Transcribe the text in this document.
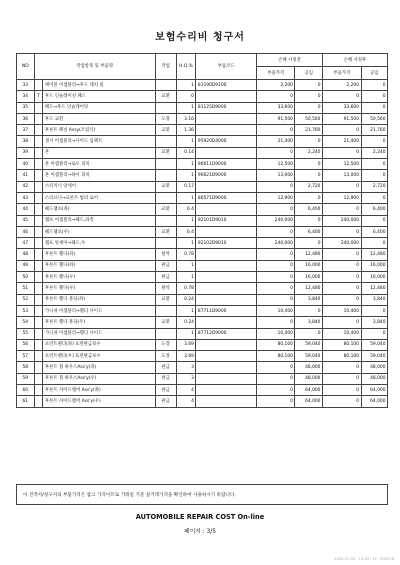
보험수리비 청구서
NO	작업항목 및 부품명		작업	H.Q.%	부품코드	손해 사정전		손해 사정후	
						부품가격	공임	부품가격	공임
33		케이블 어셈블리→후드 래치 릴		1	81190D9100	2,200	0	2,200	0
34	T	후드 인슐레이션 패드	교환	0		0	0	0	0
35		패드→후드 인슐레이팅		1	81125D9000	33,600	0	33,600	0
36		후드 교환	도장	3.16		91,500	50,560	91,500	50,560
37		후론트 패널 Assy(조립식)	교환	1.36		0	21,760	0	21,760
38		센서 어셈블리→사이드 임팩트		1	95920D4000	21,400	0	21,400	0
39		혼	교환	0.14		0	2,240	0	2,240
40		혼 어셈블리→로우 피치		1	96611D9000	12,500	0	12,500	0
41		혼 어셈블리→하이 피치		1	96621D9000	13,000	0	13,000	0
42		스티커너 앗세이	교환	0.17		0	2,720	0	2,720
43		스티프너→프론트 범퍼 로어		1	86571D9000	12,900	0	12,900	0
44		헤드램프(좌)	교환	0.4		0	6,400	0	6,400
45		램프 어셈블리→헤드,좌측		1	92101D9010	240,000	0	240,000	0
46		헤드램프(우)	교환	0.4		0	6,400	0	6,400
47		램프 앗세이→헤드,우		1	92102D9010	240,000	0	240,000	0
48		후론트 휀다(좌)	탈착	0.78		0	12,480	0	12,480
49		후론트 휀다(좌)	판금	1		0	16,000	0	16,000
50		후론트 휀다(우)	판금	1		0	16,000	0	16,000
51		후론트 휀다(우)	탈착	0.78		0	12,480	0	12,480
52		후론트 휀다 몰딩(좌)	교환	0.24		0	3,840	0	3,840
53		가니쉬 어셈블리→휀더 사이드		1	87711D9000	10,400	0	10,400	0
54		후론트 휀다 몰딩(우)	교환	0.24		0	3,840	0	3,840
55		가니쉬 어셈블리→휀더 사이드		1	87712D9000	10,400	0	10,400	0
56		프런트펜더(좌) 표면판금보수	도장	3.69		80,100	59,040	80,100	59,040
57		프런트펜더(우) 표면판금보수	도장	3.69		80,100	59,040	80,100	59,040
58		후론트 휠 하우스Ass'y(좌)	판금	3		0	48,000	0	48,000
59		후론트 휠 하우스Ass'y(우)	판금	3		0	48,000	0	48,000
60		후론트 사이드멤버 Ass'y(좌)	판금	4		0	64,000	0	64,000
61		후론트 사이드멤버 Ass'y(우)	판금	4		0	64,000	0	64,000
이 견적서/청구서의 부품가격은 참고 가격이므로 거래일 기준 실거래가격을 확인하여 사용하시기 바랍니다.
AUTOMOBILE REPAIR COST On-line
페이지 : 3/5
2020-07-04 · 14:30 · 1F · R30028
